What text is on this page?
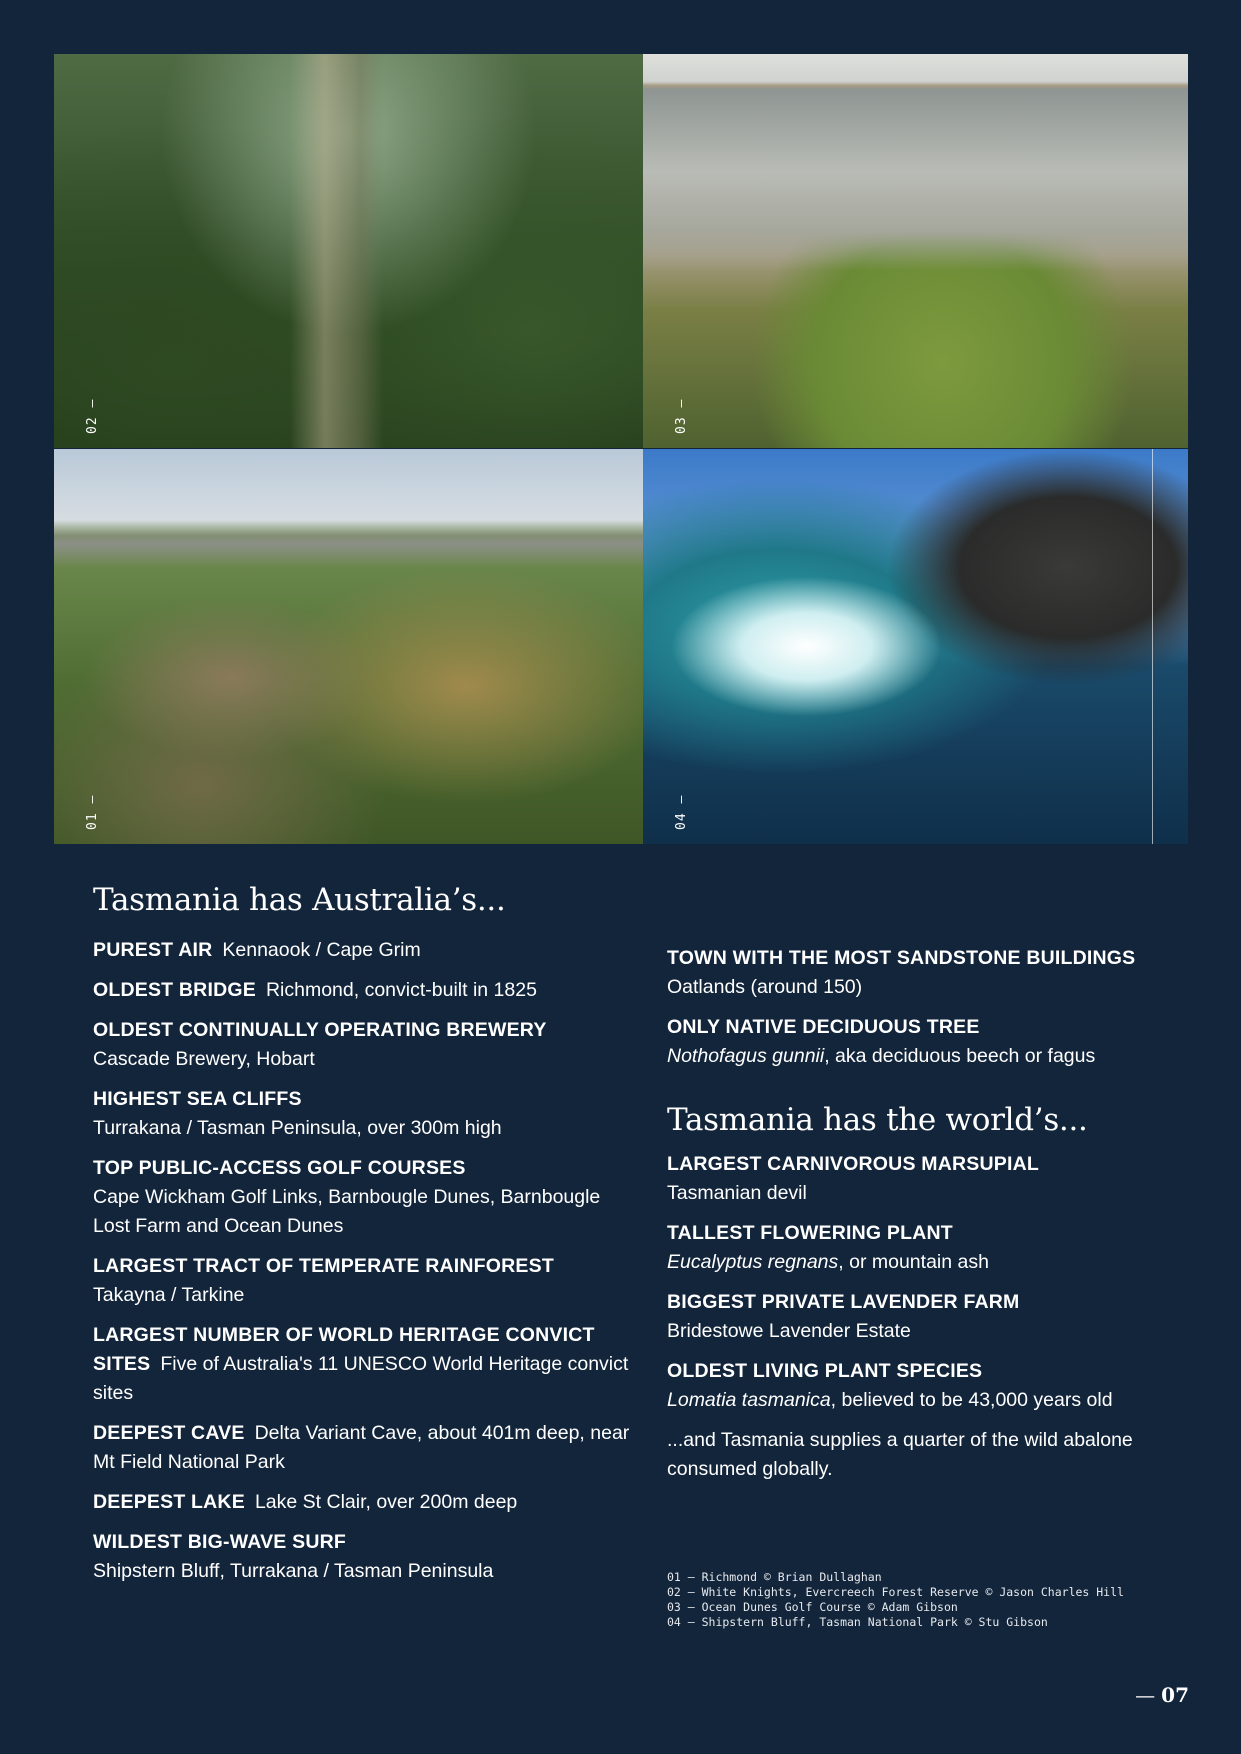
02 —	03 —
01 —	04 —
Tasmania has Australia’s...
PUREST AIR Kennaook / Cape Grim
OLDEST BRIDGE Richmond, convict-built in 1825
OLDEST CONTINUALLY OPERATING BREWERY
Cascade Brewery, Hobart
HIGHEST SEA CLIFFS
Turrakana / Tasman Peninsula, over 300m high
TOP PUBLIC-ACCESS GOLF COURSES
Cape Wickham Golf Links, Barnbougle Dunes, Barnbougle Lost Farm and Ocean Dunes
LARGEST TRACT OF TEMPERATE RAINFOREST
Takayna / Tarkine
LARGEST NUMBER OF WORLD HERITAGE CONVICT SITES Five of Australia's 11 UNESCO World Heritage convict sites
DEEPEST CAVE Delta Variant Cave, about 401m deep, near Mt Field National Park
DEEPEST LAKE Lake St Clair, over 200m deep
WILDEST BIG-WAVE SURF
Shipstern Bluff, Turrakana / Tasman Peninsula
TOWN WITH THE MOST SANDSTONE BUILDINGS
Oatlands (around 150)
ONLY NATIVE DECIDUOUS TREE
Nothofagus gunnii, aka deciduous beech or fagus
Tasmania has the world’s...
LARGEST CARNIVOROUS MARSUPIAL
Tasmanian devil
TALLEST FLOWERING PLANT
Eucalyptus regnans, or mountain ash
BIGGEST PRIVATE LAVENDER FARM
Bridestowe Lavender Estate
OLDEST LIVING PLANT SPECIES
Lomatia tasmanica, believed to be 43,000 years old
...and Tasmania supplies a quarter of the wild abalone consumed globally.
01 — Richmond © Brian Dullaghan
02 — White Knights, Evercreech Forest Reserve © Jason Charles Hill
03 — Ocean Dunes Golf Course © Adam Gibson
04 — Shipstern Bluff, Tasman National Park © Stu Gibson
— 07
